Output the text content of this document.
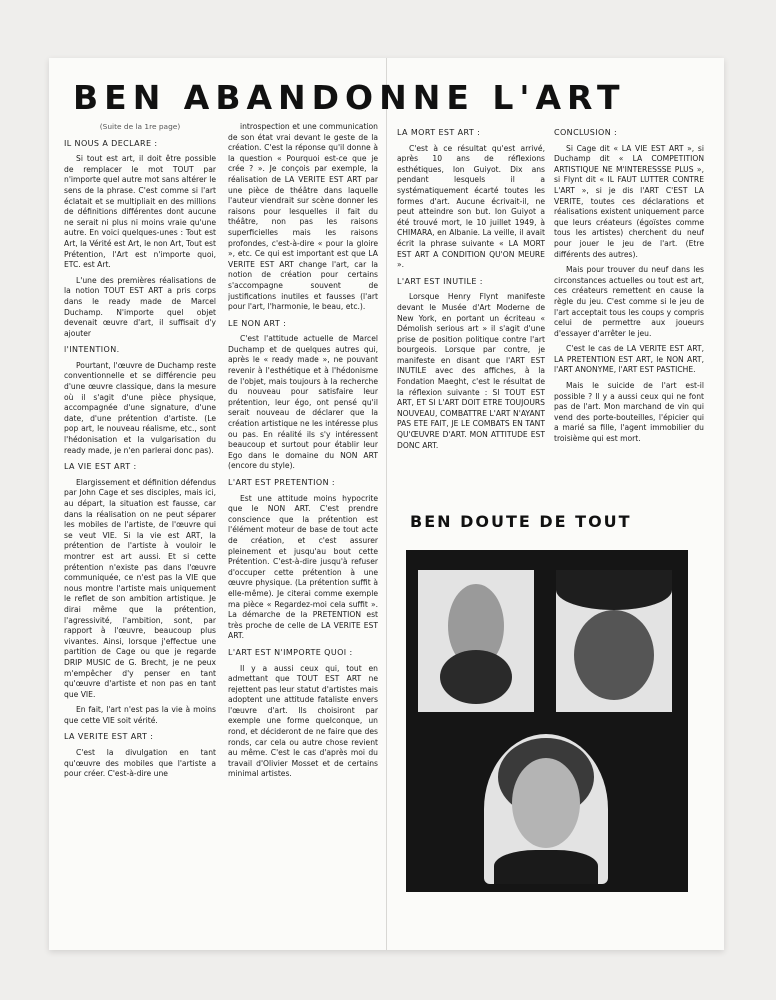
BEN ABANDONNE L'ART

(Suite de la 1re page)

IL NOUS A DECLARE :

Si tout est art, il doit être possible de remplacer le mot TOUT par n'importe quel autre mot sans altérer le sens de la phrase. C'est comme si l'art éclatait et se multipliait en des millions de définitions différentes dont aucune ne serait ni plus ni moins vraie qu'une autre. En voici quelques-unes : Tout est Art, la Vérité est Art, le non Art, Tout est Prétention, l'Art est n'importe quoi, ETC. est Art.

L'une des premières réalisations de la notion TOUT EST ART a pris corps dans le ready made de Marcel Duchamp. N'importe quel objet devenait œuvre d'art, il suffisait d'y ajouter

l'INTENTION.

Pourtant, l'œuvre de Duchamp reste conventionnelle et se différencie peu d'une œuvre classique, dans la mesure où il s'agit d'une pièce physique, accompagnée d'une signature, d'une date, d'une prétention d'artiste. (Le pop art, le nouveau réalisme, etc., sont l'hédonisation et la vulgarisation du ready made, je n'en parlerai donc pas).

LA VIE EST ART :

Elargissement et définition défendus par John Cage et ses disciples, mais ici, au départ, la situation est fausse, car dans la réalisation on ne peut séparer les mobiles de l'artiste, de l'œuvre qui se veut VIE. Si la vie est ART, la prétention de l'artiste à vouloir le montrer est art aussi. Et si cette prétention n'existe pas dans l'œuvre communiquée, ce n'est pas la VIE que nous montre l'artiste mais uniquement le reflet de son ambition artistique. Je dirai même que la prétention, l'agressivité, l'ambition, sont, par rapport à l'œuvre, beaucoup plus vivantes. Ainsi, lorsque j'effectue une partition de Cage ou que je regarde DRIP MUSIC de G. Brecht, je ne peux m'empêcher d'y penser en tant qu'œuvre d'artiste et non pas en tant que VIE.

En fait, l'art n'est pas la vie à moins que cette VIE soit vérité.

LA VERITE EST ART :

C'est la divulgation en tant qu'œuvre des mobiles que l'artiste a pour créer. C'est-à-dire une

introspection et une communication de son état vrai devant le geste de la création. C'est la réponse qu'il donne à la question « Pourquoi est-ce que je crée ? ». Je conçois par exemple, la réalisation de LA VERITE EST ART par une pièce de théâtre dans laquelle l'auteur viendrait sur scène donner les raisons pour lesquelles il fait du théâtre, non pas les raisons superficielles mais les raisons profondes, c'est-à-dire « pour la gloire », etc. Ce qui est important est que LA VERITE EST ART change l'art, car la notion de création pour certains s'accompagne souvent de justifications inutiles et fausses (l'art pour l'art, l'harmonie, le beau, etc.).

LE NON ART :

C'est l'attitude actuelle de Marcel Duchamp et de quelques autres qui, après le « ready made », ne pouvant revenir à l'esthétique et à l'hédonisme de l'objet, mais toujours à la recherche du nouveau pour satisfaire leur prétention, leur égo, ont pensé qu'il serait nouveau de déclarer que la création artistique ne les intéresse plus ou pas. En réalité ils s'y intéressent beaucoup et surtout pour établir leur Ego dans le domaine du NON ART (encore du style).

L'ART EST PRETENTION :

Est une attitude moins hypocrite que le NON ART. C'est prendre conscience que la prétention est l'élément moteur de base de tout acte de création, et c'est assurer pleinement et jusqu'au bout cette Prétention. C'est-à-dire jusqu'à refuser d'occuper cette prétention à une œuvre physique. (La prétention suffit à elle-même). Je citerai comme exemple ma pièce « Regardez-moi cela suffit ». La démarche de la PRETENTION est très proche de celle de LA VERITE EST ART.

L'ART EST N'IMPORTE QUOI :

Il y a aussi ceux qui, tout en admettant que TOUT EST ART ne rejettent pas leur statut d'artistes mais adoptent une attitude fataliste envers l'œuvre d'art. Ils choisiront par exemple une forme quelconque, un rond, et décideront de ne faire que des ronds, car cela ou autre chose revient au même. C'est le cas d'après moi du travail d'Olivier Mosset et de certains minimal artistes.

LA MORT EST ART :

C'est à ce résultat qu'est arrivé, après 10 ans de réflexions esthétiques, Ion Guiyot. Dix ans pendant lesquels il a systématiquement écarté toutes les formes d'art. Aucune écrivait-il, ne peut atteindre son but. Ion Guiyot a été trouvé mort, le 10 juillet 1949, à CHIMARA, en Albanie. La veille, il avait écrit la phrase suivante « LA MORT EST ART A CONDITION QU'ON MEURE ».

L'ART EST INUTILE :

Lorsque Henry Flynt manifeste devant le Musée d'Art Moderne de New York, en portant un écriteau « Démolish serious art » il s'agit d'une prise de position politique contre l'art bourgeois. Lorsque par contre, je manifeste en disant que l'ART EST INUTILE avec des affiches, à la Fondation Maeght, c'est le résultat de la réflexion suivante : SI TOUT EST ART, ET SI L'ART DOIT ETRE TOUJOURS NOUVEAU, COMBATTRE L'ART N'AYANT PAS ETE FAIT, JE LE COMBATS EN TANT QU'ŒUVRE D'ART. MON ATTITUDE EST DONC ART.

CONCLUSION :

Si Cage dit « LA VIE EST ART », si Duchamp dit « LA COMPETITION ARTISTIQUE NE M'INTERESSSE PLUS », si Flynt dit « IL FAUT LUTTER CONTRE L'ART », si je dis l'ART C'EST LA VERITE, toutes ces déclarations et réalisations existent uniquement parce que leurs créateurs (égoïstes comme tous les artistes) cherchent du neuf pour jouer le jeu de l'art. (Etre différents des autres).

Mais pour trouver du neuf dans les circonstances actuelles ou tout est art, ces créateurs remettent en cause la règle du jeu. C'est comme si le jeu de l'art acceptait tous les coups y compris celui de permettre aux joueurs d'essayer d'arrêter le jeu.

C'est le cas de LA VERITE EST ART, LA PRETENTION EST ART, le NON ART, l'ART ANONYME, l'ART EST PASTICHE.

Mais le suicide de l'art est-il possible ? Il y a aussi ceux qui ne font pas de l'art. Mon marchand de vin qui vend des porte-bouteilles, l'épicier qui a marié sa fille, l'agent immobilier du troisième qui est mort.

BEN DOUTE DE TOUT
